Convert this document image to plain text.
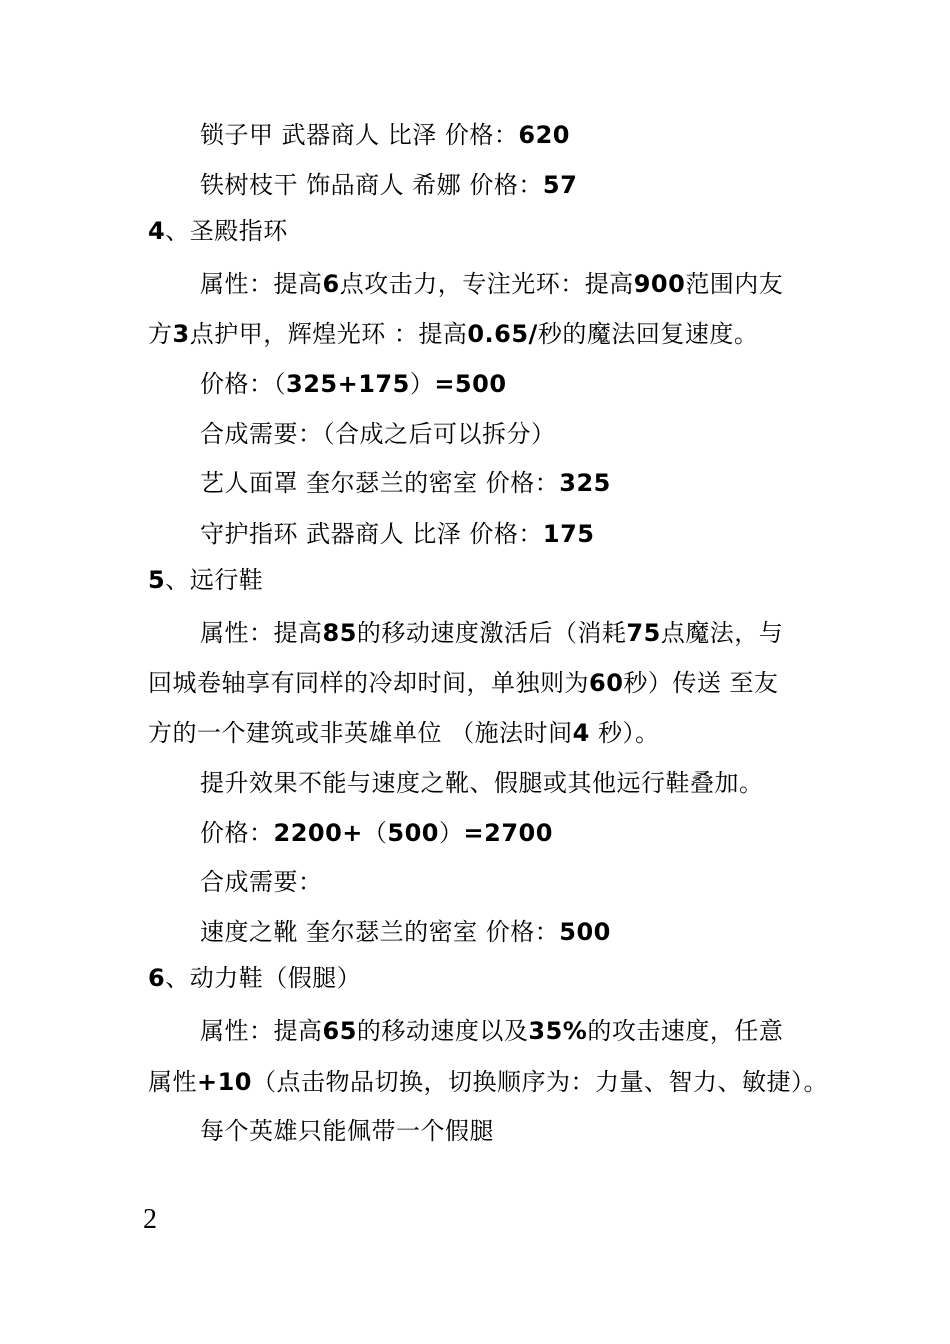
锁子甲 武器商人 比泽 价格：620
铁树枝干 饰品商人 希娜 价格：57
4、圣殿指环
属性：提高6点攻击力，专注光环：提高900范围内友
方3点护甲，辉煌光环 ：提高0.65/秒的魔法回复速度。
价格：（325+175）=500
合成需要：（合成之后可以拆分）
艺人面罩 奎尔瑟兰的密室 价格：325
守护指环 武器商人 比泽 价格：175
5、远行鞋
属性：提高85的移动速度激活后（消耗75点魔法，与
回城卷轴享有同样的冷却时间，单独则为60秒）传送 至友
方的一个建筑或非英雄单位 （施法时间4 秒）。
提升效果不能与速度之靴、假腿或其他远行鞋叠加。
价格：2200+（500）=2700
合成需要：
速度之靴 奎尔瑟兰的密室 价格：500
6、动力鞋（假腿）
属性：提高65的移动速度以及35%的攻击速度，任意
属性+10（点击物品切换，切换顺序为：力量、智力、敏捷）。
每个英雄只能佩带一个假腿
2
